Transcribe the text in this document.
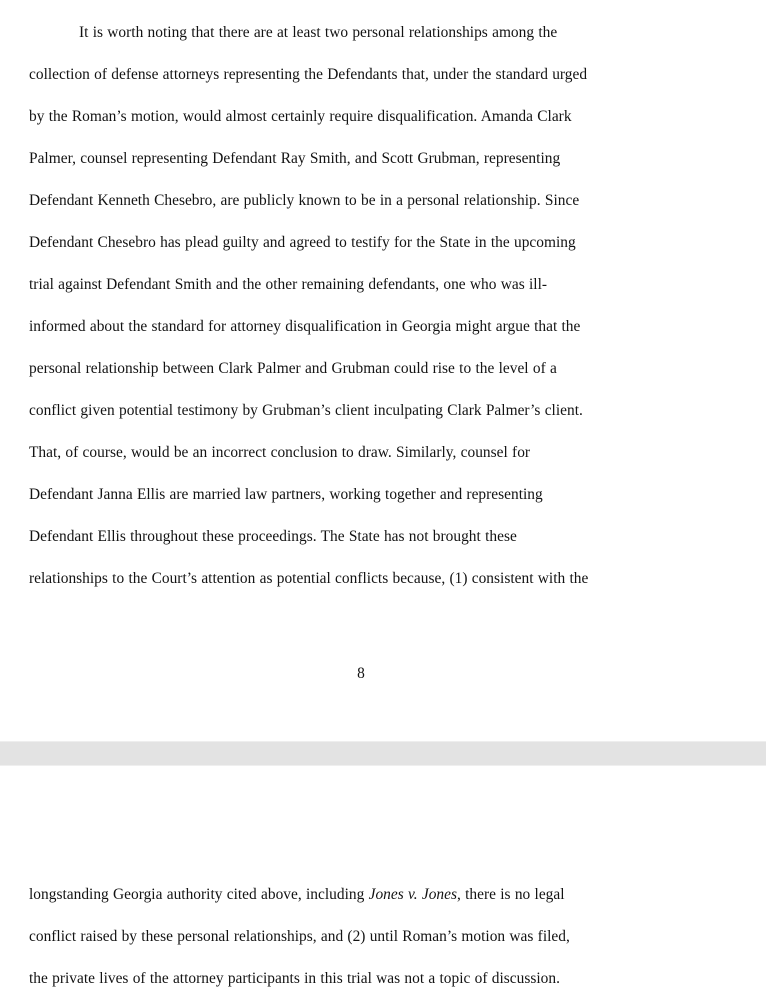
It is worth noting that there are at least two personal relationships among the

collection of defense attorneys representing the Defendants that, under the standard urged

by the Roman’s motion, would almost certainly require disqualification. Amanda Clark

Palmer, counsel representing Defendant Ray Smith, and Scott Grubman, representing

Defendant Kenneth Chesebro, are publicly known to be in a personal relationship. Since

Defendant Chesebro has plead guilty and agreed to testify for the State in the upcoming

trial against Defendant Smith and the other remaining defendants, one who was ill-

informed about the standard for attorney disqualification in Georgia might argue that the

personal relationship between Clark Palmer and Grubman could rise to the level of a

conflict given potential testimony by Grubman’s client inculpating Clark Palmer’s client.

That, of course, would be an incorrect conclusion to draw. Similarly, counsel for

Defendant Janna Ellis are married law partners, working together and representing

Defendant Ellis throughout these proceedings. The State has not brought these

relationships to the Court’s attention as potential conflicts because, (1) consistent with the

8

longstanding Georgia authority cited above, including Jones v. Jones, there is no legal

conflict raised by these personal relationships, and (2) until Roman’s motion was filed,

the private lives of the attorney participants in this trial was not a topic of discussion.
